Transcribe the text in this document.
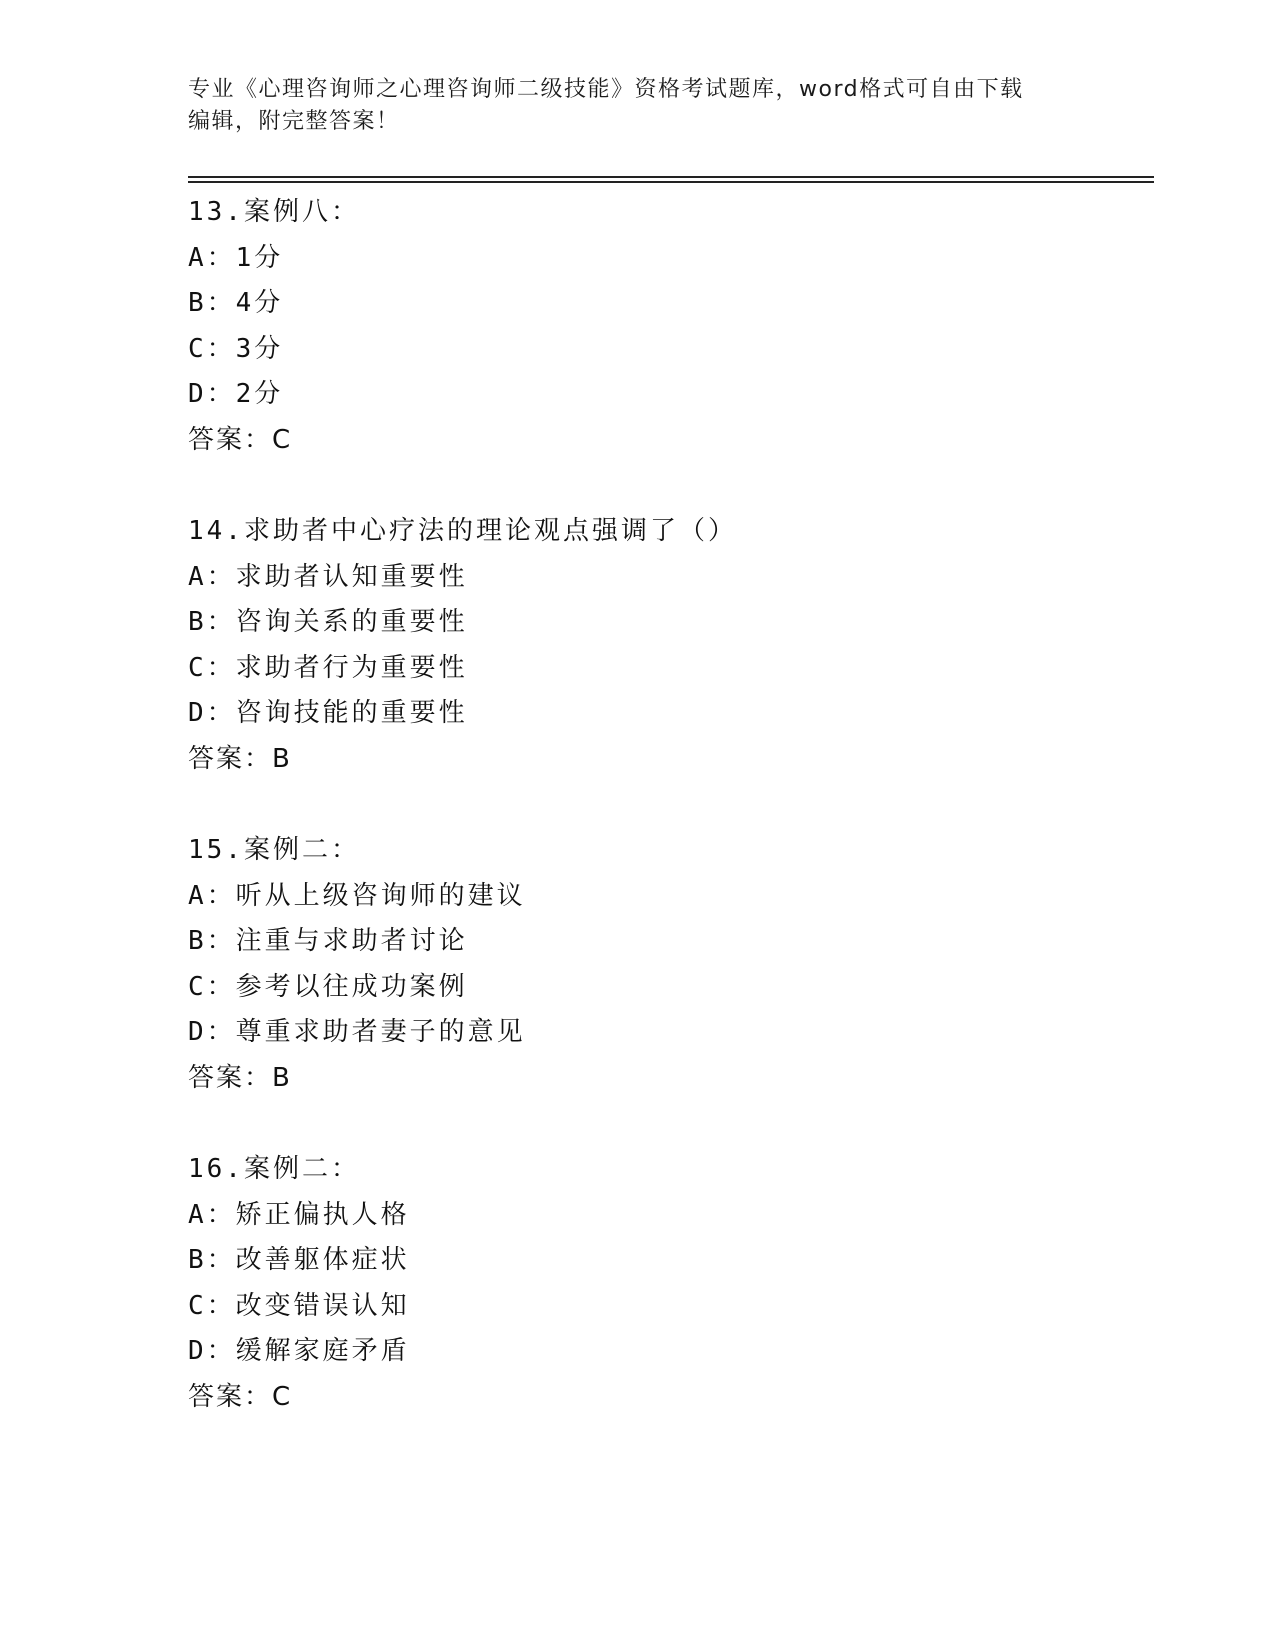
专业《心理咨询师之心理咨询师二级技能》资格考试题库，word格式可自由下载
编辑，附完整答案！
13.案例八：
A：1分
B：4分
C：3分
D：2分
答案：C
14.求助者中心疗法的理论观点强调了（）
A：求助者认知重要性
B：咨询关系的重要性
C：求助者行为重要性
D：咨询技能的重要性
答案：B
15.案例二：
A：听从上级咨询师的建议
B：注重与求助者讨论
C：参考以往成功案例
D：尊重求助者妻子的意见
答案：B
16.案例二：
A：矫正偏执人格
B：改善躯体症状
C：改变错误认知
D：缓解家庭矛盾
答案：C
